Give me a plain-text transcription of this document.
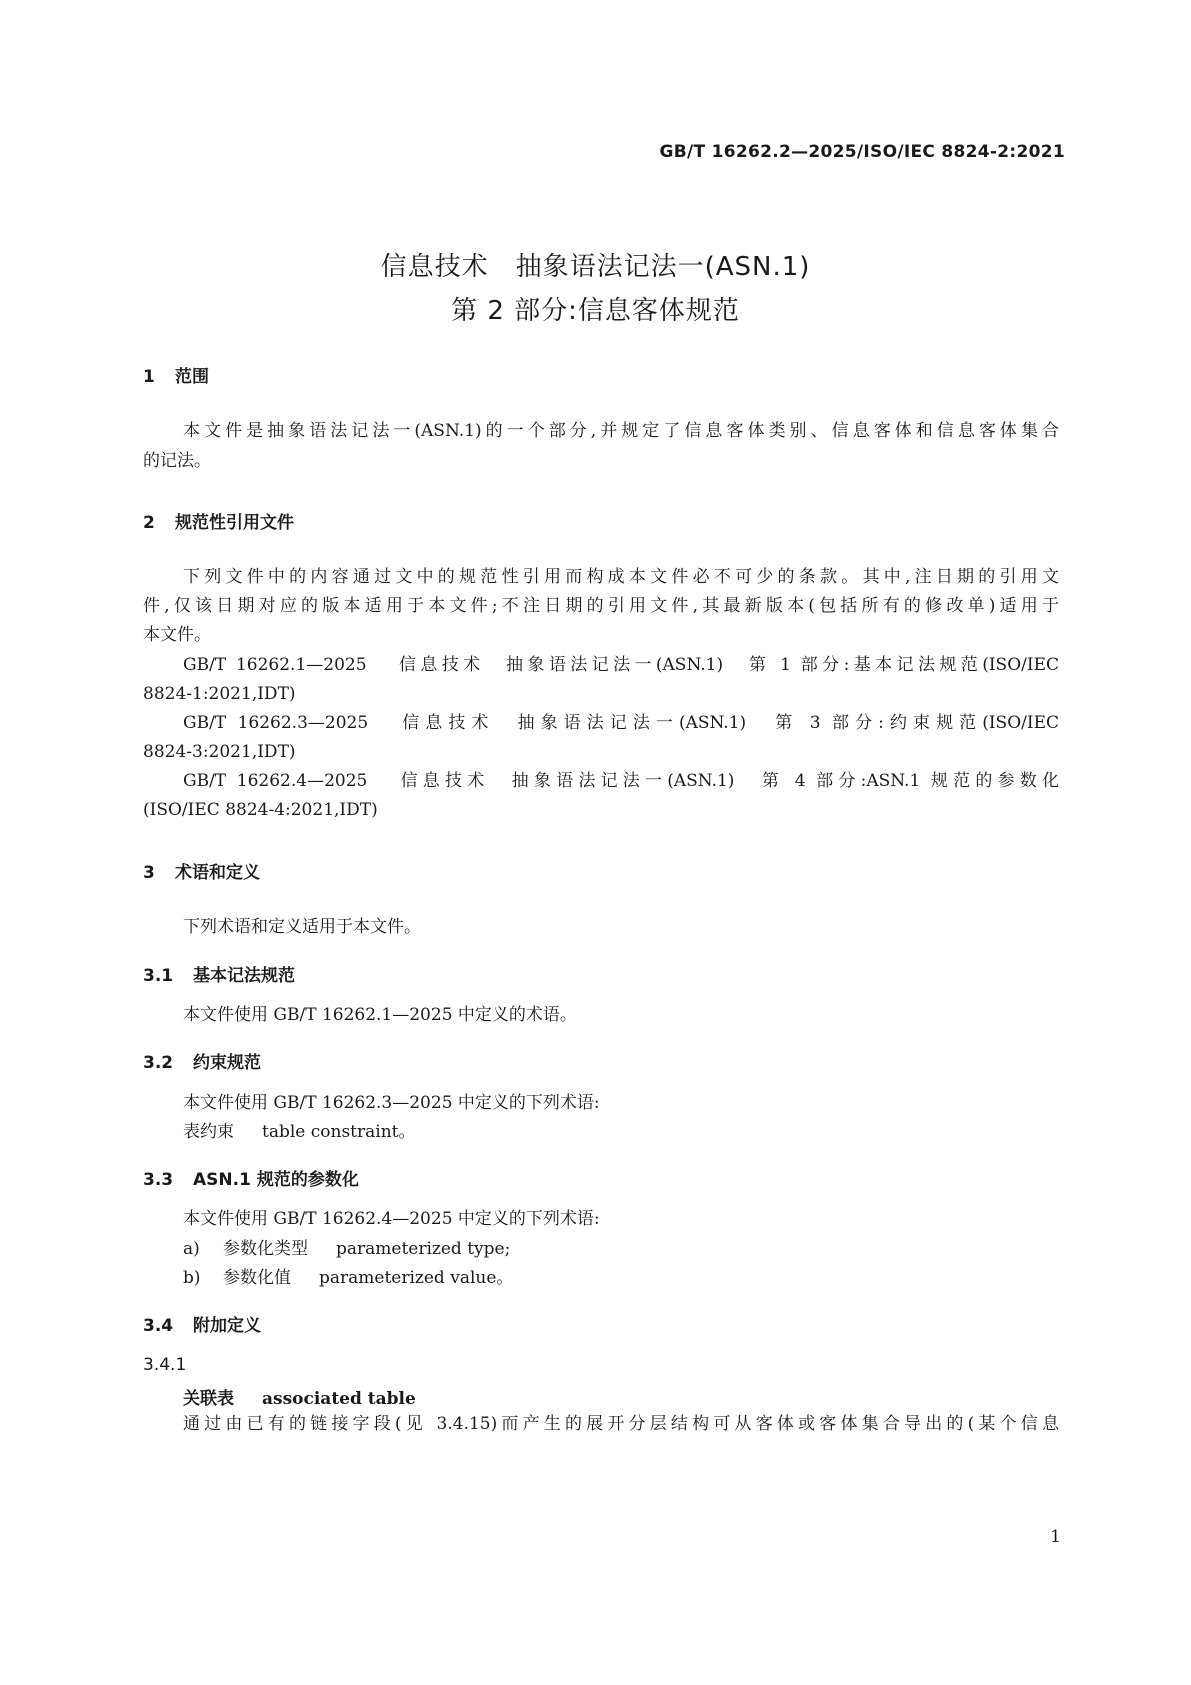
GB/T 16262.2—2025/ISO/IEC 8824-2:2021
信息技术　抽象语法记法一(ASN.1)
第 2 部分:信息客体规范
1 范围
本文件是抽象语法记法一(ASN.1)的一个部分,并规定了信息客体类别、信息客体和信息客体集合
的记法。
2 规范性引用文件
下列文件中的内容通过文中的规范性引用而构成本文件必不可少的条款。其中,注日期的引用文
件,仅该日期对应的版本适用于本文件;不注日期的引用文件,其最新版本(包括所有的修改单)适用于
本文件。
GB/T 16262.1—2025 信息技术　抽象语法记法一(ASN.1)　第 1 部分:基本记法规范(ISO/IEC
8824-1:2021,IDT)
GB/T 16262.3—2025 信息技术　抽象语法记法一(ASN.1)　第 3 部分:约束规范(ISO/IEC
8824-3:2021,IDT)
GB/T 16262.4—2025 信息技术　抽象语法记法一(ASN.1)　第 4 部分:ASN.1 规范的参数化
(ISO/IEC 8824-4:2021,IDT)
3 术语和定义
下列术语和定义适用于本文件。
3.1 基本记法规范
本文件使用 GB/T 16262.1—2025 中定义的术语。
3.2 约束规范
本文件使用 GB/T 16262.3—2025 中定义的下列术语:
表约束 table constraint。
3.3 ASN.1 规范的参数化
本文件使用 GB/T 16262.4—2025 中定义的下列术语:
a) 参数化类型 parameterized type;
b) 参数化值 parameterized value。
3.4 附加定义
3.4.1
关联表 associated table
通过由已有的链接字段(见 3.4.15)而产生的展开分层结构可从客体或客体集合导出的(某个信息
1
